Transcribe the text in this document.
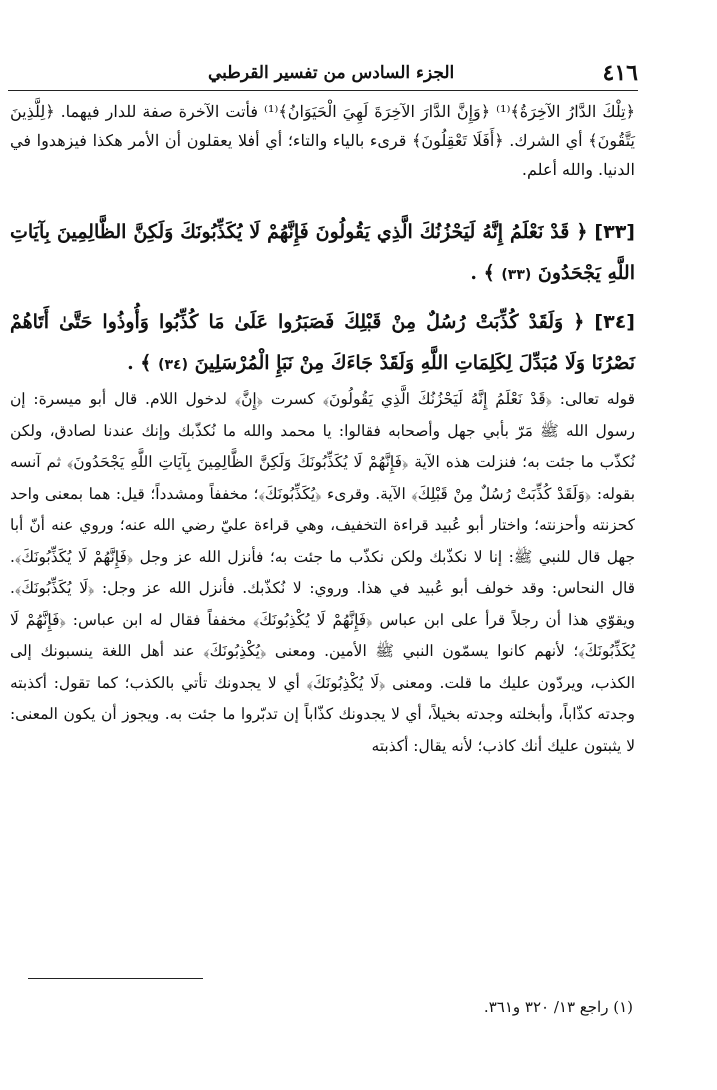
٤١٦
الجزء السادس من تفسير القرطبي

﴿تِلْكَ الدَّارُ الآخِرَةُ﴾⁽¹⁾ ﴿وَإِنَّ الدَّارَ الآخِرَةَ لَهِيَ الْحَيَوَانُ﴾⁽¹⁾ فأتت الآخرة صفة للدار فيهما. ﴿لِلَّذِينَ يَتَّقُونَ﴾ أي الشرك. ﴿أَفَلَا تَعْقِلُونَ﴾ قرىء بالياء والتاء؛ أي أفلا يعقلون أن الأمر هكذا فيزهدوا في الدنيا. والله أعلم.

[٣٣] ﴿ قَدْ نَعْلَمُ إِنَّهُ لَيَحْزُنُكَ الَّذِي يَقُولُونَ فَإِنَّهُمْ لَا يُكَذِّبُونَكَ وَلَكِنَّ الظَّالِمِينَ بِآيَاتِ اللَّهِ يَجْحَدُونَ (٣٣) ﴾ .

[٣٤] ﴿ وَلَقَدْ كُذِّبَتْ رُسُلٌ مِنْ قَبْلِكَ فَصَبَرُوا عَلَىٰ مَا كُذِّبُوا وَأُوذُوا حَتَّىٰ أَتَاهُمْ نَصْرُنَا وَلَا مُبَدِّلَ لِكَلِمَاتِ اللَّهِ وَلَقَدْ جَاءَكَ مِنْ نَبَإِ الْمُرْسَلِينَ (٣٤) ﴾ .

قوله تعالى: ﴿قَدْ نَعْلَمُ إِنَّهُ لَيَحْزُنُكَ الَّذِي يَقُولُونَ﴾ كسرت ﴿إِنَّ﴾ لدخول اللام. قال أبو ميسرة: إن رسول الله ﷺ مَرّ بأبي جهل وأصحابه فقالوا: يا محمد والله ما نُكذّبك وإنك عندنا لصادق، ولكن نُكذّب ما جئت به؛ فنزلت هذه الآية ﴿فَإِنَّهُمْ لَا يُكَذِّبُونَكَ وَلَكِنَّ الظَّالِمِينَ بِآيَاتِ اللَّهِ يَجْحَدُونَ﴾ ثم آنسه بقوله: ﴿وَلَقَدْ كُذِّبَتْ رُسُلٌ مِنْ قَبْلِكَ﴾ الآية. وقرىء ﴿يُكَذِّبُونَكَ﴾؛ مخففاً ومشدداً؛ قيل: هما بمعنى واحد كحزنته وأحزنته؛ واختار أبو عُبيد قراءة التخفيف، وهي قراءة عليّ رضي الله عنه؛ وروي عنه أنّ أبا جهل قال للنبي ﷺ: إنا لا نكذّبك ولكن نكذّب ما جئت به؛ فأنزل الله عز وجل ﴿فَإِنَّهُمْ لَا يُكَذِّبُونَكَ﴾. قال النحاس: وقد خولف أبو عُبيد في هذا. وروي: لا نُكذّبك. فأنزل الله عز وجل: ﴿لَا يُكَذِّبُونَكَ﴾. ويقوّي هذا أن رجلاً قرأ على ابن عباس ﴿فَإِنَّهُمْ لَا يُكْذِبُونَكَ﴾ مخففاً فقال له ابن عباس: ﴿فَإِنَّهُمْ لَا يُكَذِّبُونَكَ﴾؛ لأنهم كانوا يسمّون النبي ﷺ الأمين. ومعنى ﴿يُكْذِبُونَكَ﴾ عند أهل اللغة ينسبونك إلى الكذب، ويردّون عليك ما قلت. ومعنى ﴿لَا يُكْذِبُونَكَ﴾ أي لا يجدونك تأتي بالكذب؛ كما تقول: أكذبته وجدته كذّاباً، وأبخلته وجدته بخيلاً، أي لا يجدونك كذّاباً إن تدبّروا ما جئت به. ويجوز أن يكون المعنى: لا يثبتون عليك أنك كاذب؛ لأنه يقال: أكذبته

(١) راجع ١٣/ ٣٢٠ و٣٦١.
